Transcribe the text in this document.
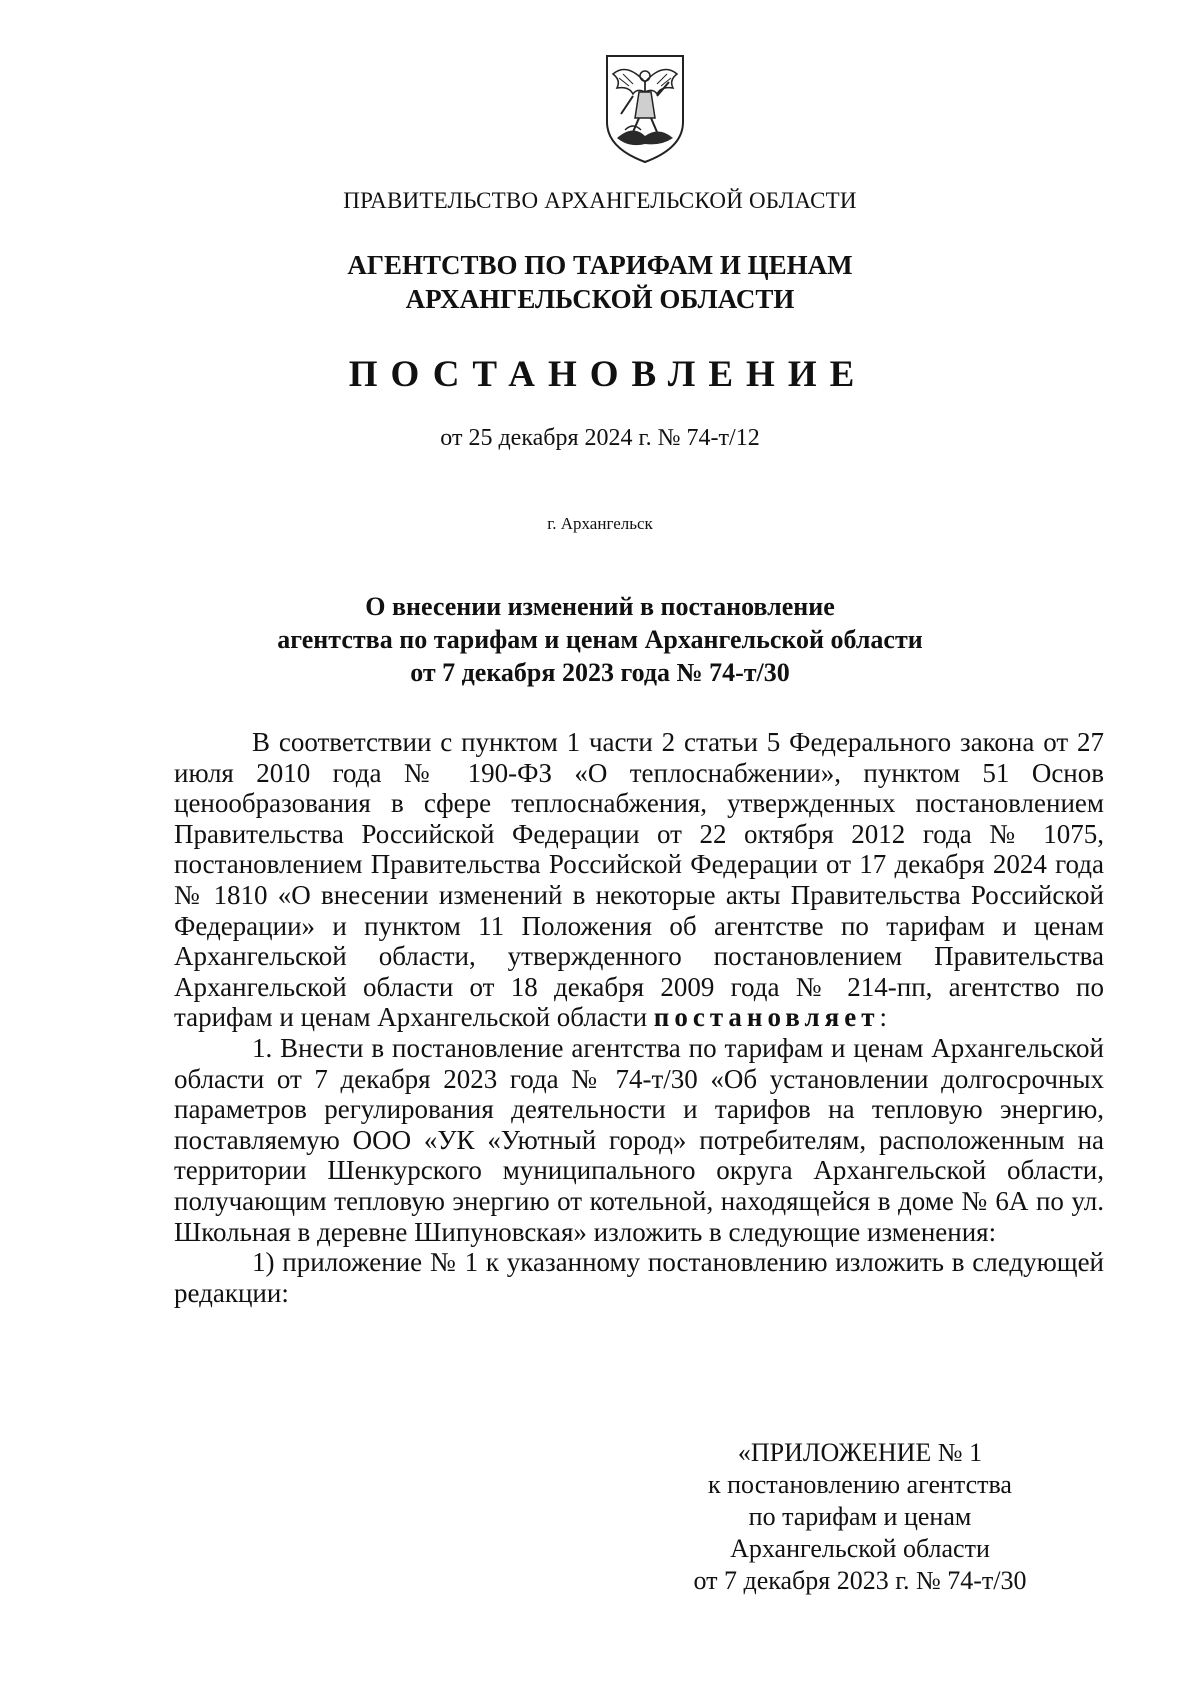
ПРАВИТЕЛЬСТВО АРХАНГЕЛЬСКОЙ ОБЛАСТИ

АГЕНТСТВО ПО ТАРИФАМ И ЦЕНАМ
АРХАНГЕЛЬСКОЙ ОБЛАСТИ

ПОСТАНОВЛЕНИЕ

от 25 декабря 2024 г. № 74-т/12

г. Архангельск

О внесении изменений в постановление
агентства по тарифам и ценам Архангельской области
от 7 декабря 2023 года № 74-т/30

В соответствии с пунктом 1 части 2 статьи 5 Федерального закона от 27 июля 2010 года № 190-ФЗ «О теплоснабжении», пунктом 51 Основ ценообразования в сфере теплоснабжения, утвержденных постановлением Правительства Российской Федерации от 22 октября 2012 года № 1075, постановлением Правительства Российской Федерации от 17 декабря 2024 года № 1810 «О внесении изменений в некоторые акты Правительства Российской Федерации» и пунктом 11 Положения об агентстве по тарифам и ценам Архангельской области, утвержденного постановлением Правительства Архангельской области от 18 декабря 2009 года № 214-пп, агентство по тарифам и ценам Архангельской области постановляет:

1. Внести в постановление агентства по тарифам и ценам Архангельской области от 7 декабря 2023 года № 74-т/30 «Об установлении долгосрочных параметров регулирования деятельности и тарифов на тепловую энергию, поставляемую ООО «УК «Уютный город» потребителям, расположенным на территории Шенкурского муниципального округа Архангельской области, получающим тепловую энергию от котельной, находящейся в доме № 6А по ул. Школьная в деревне Шипуновская» изложить в следующие изменения:

1) приложение № 1 к указанному постановлению изложить в следующей редакции:

«ПРИЛОЖЕНИЕ № 1
к постановлению агентства
по тарифам и ценам
Архангельской области
от 7 декабря 2023 г. № 74-т/30
